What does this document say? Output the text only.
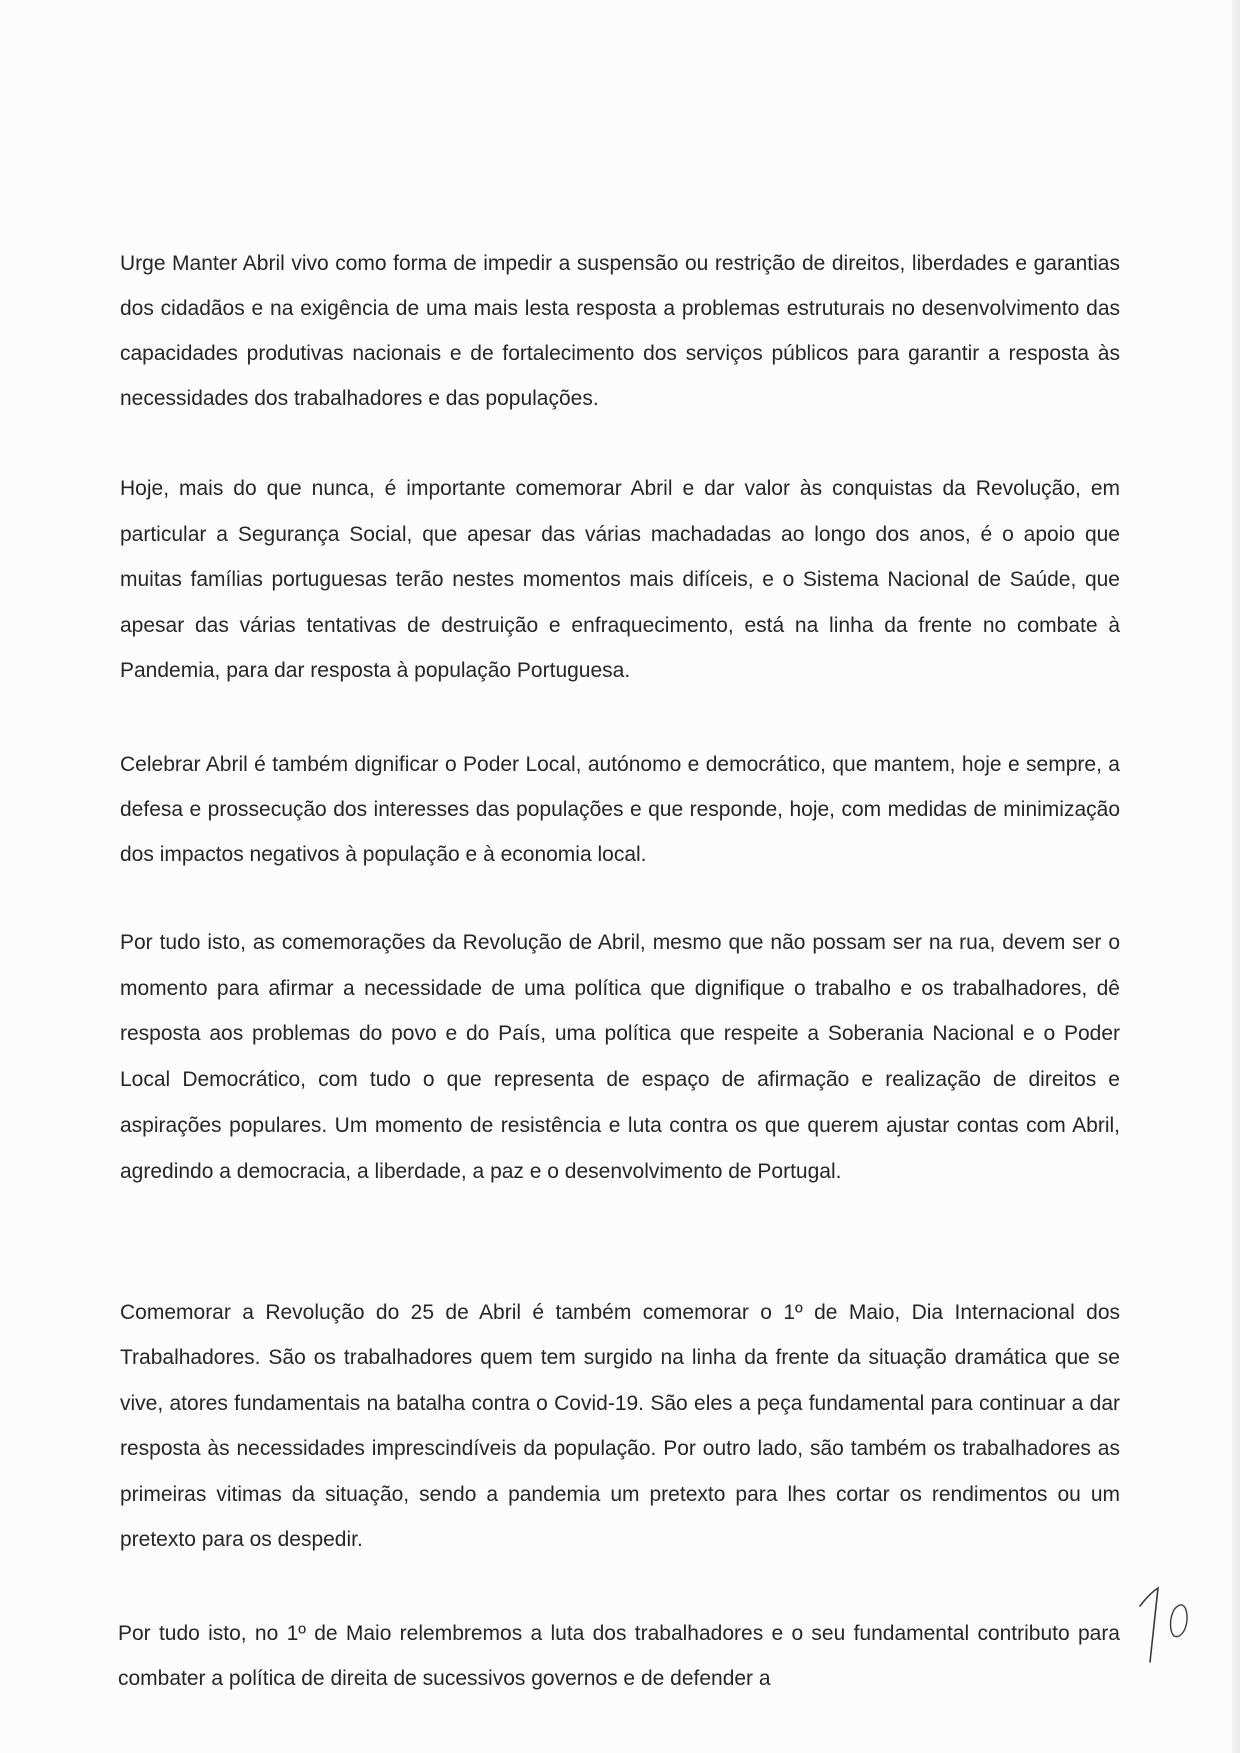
Urge Manter Abril vivo como forma de impedir a suspensão ou restrição de direitos, liberdades e garantias dos cidadãos e na exigência de uma mais lesta resposta a problemas estruturais no desenvolvimento das capacidades produtivas nacionais e de fortalecimento dos serviços públicos para garantir a resposta às necessidades dos trabalhadores e das populações.

Hoje, mais do que nunca, é importante comemorar Abril e dar valor às conquistas da Revolução, em particular a Segurança Social, que apesar das várias machadadas ao longo dos anos, é o apoio que muitas famílias portuguesas terão nestes momentos mais difíceis, e o Sistema Nacional de Saúde, que apesar das várias tentativas de destruição e enfraquecimento, está na linha da frente no combate à Pandemia, para dar resposta à população Portuguesa.

Celebrar Abril é também dignificar o Poder Local, autónomo e democrático, que mantem, hoje e sempre, a defesa e prossecução dos interesses das populações e que responde, hoje, com medidas de minimização dos impactos negativos à população e à economia local.

Por tudo isto, as comemorações da Revolução de Abril, mesmo que não possam ser na rua, devem ser o momento para afirmar a necessidade de uma política que dignifique o trabalho e os trabalhadores, dê resposta aos problemas do povo e do País, uma política que respeite a Soberania Nacional e o Poder Local Democrático, com tudo o que representa de espaço de afirmação e realização de direitos e aspirações populares. Um momento de resistência e luta contra os que querem ajustar contas com Abril, agredindo a democracia, a liberdade, a paz e o desenvolvimento de Portugal.

Comemorar a Revolução do 25 de Abril é também comemorar o 1º de Maio, Dia Internacional dos Trabalhadores. São os trabalhadores quem tem surgido na linha da frente da situação dramática que se vive, atores fundamentais na batalha contra o Covid-19. São eles a peça fundamental para continuar a dar resposta às necessidades imprescindíveis da população. Por outro lado, são também os trabalhadores as primeiras vitimas da situação, sendo a pandemia um pretexto para lhes cortar os rendimentos ou um pretexto para os despedir.

Por tudo isto, no 1º de Maio relembremos a luta dos trabalhadores e o seu fundamental contributo para combater a política de direita de sucessivos governos e de defender a
